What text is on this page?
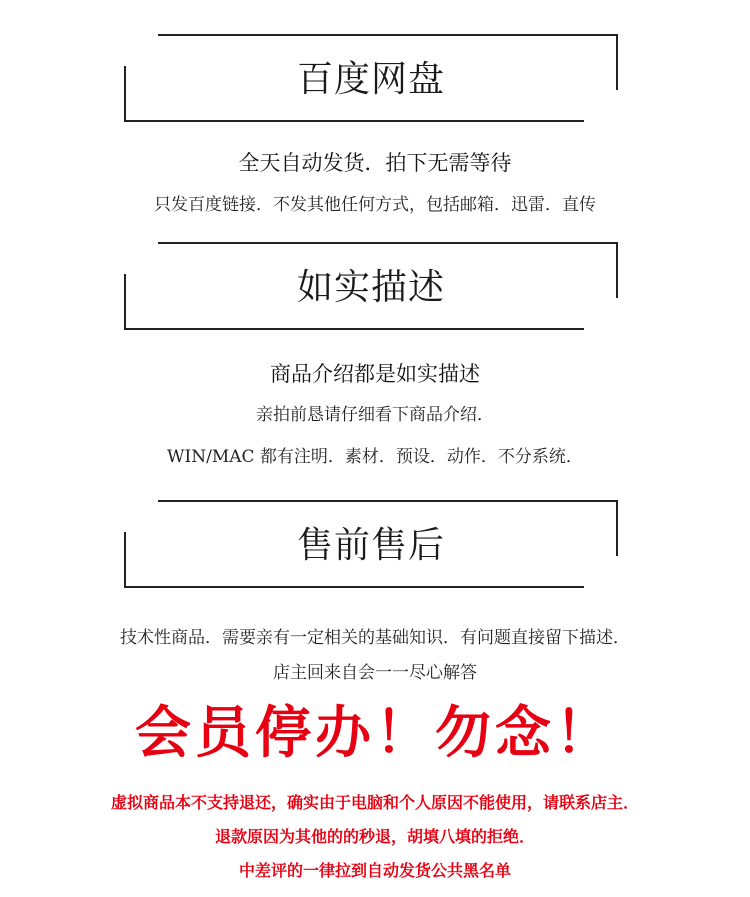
百度网盘
全天自动发货．拍下无需等待
只发百度链接．不发其他任何方式，包括邮箱．迅雷．直传
如实描述
商品介绍都是如实描述
亲拍前恳请仔细看下商品介绍．
WIN/MAC 都有注明．素材．预设．动作．不分系统．
售前售后
技术性商品．需要亲有一定相关的基础知识．有问题直接留下描述．
店主回来自会一一尽心解答
会员停办！勿念！
虚拟商品本不支持退还，确实由于电脑和个人原因不能使用，请联系店主．
退款原因为其他的的秒退，胡填八填的拒绝．
中差评的一律拉到自动发货公共黑名单
